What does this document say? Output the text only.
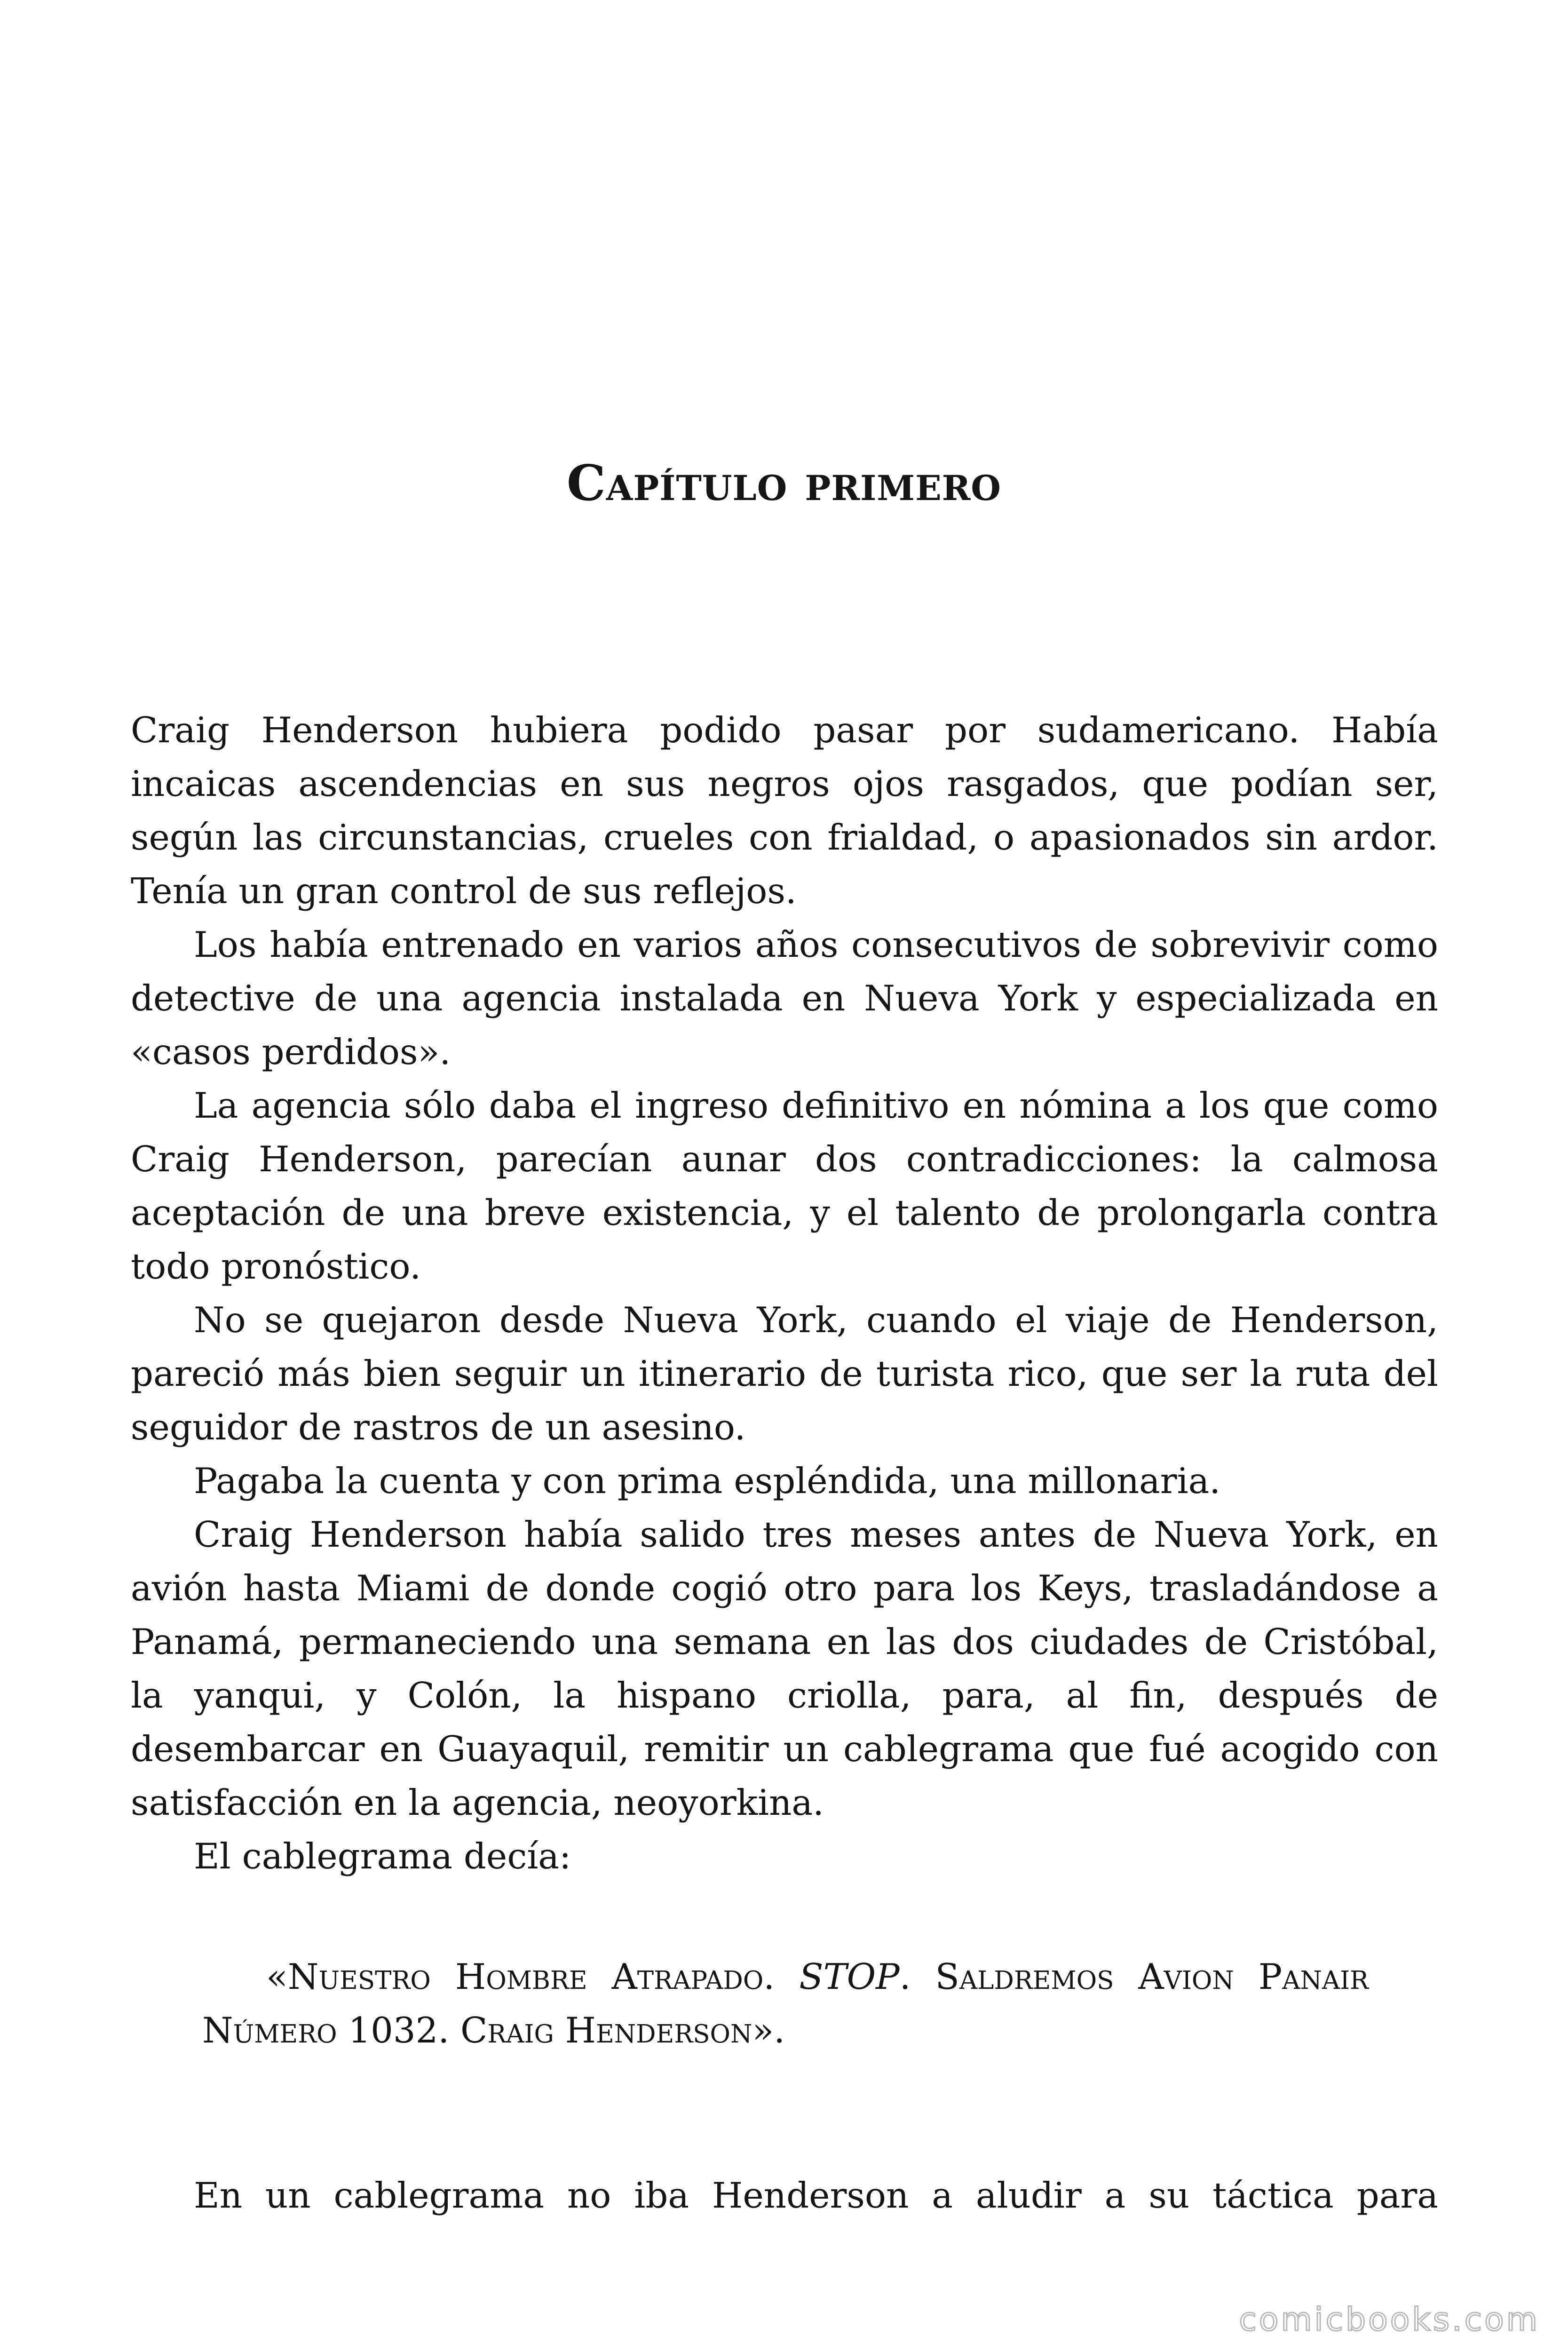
Capítulo primero

Craig Henderson hubiera podido pasar por sudamericano. Había incaicas ascendencias en sus negros ojos rasgados, que podían ser, según las circunstancias, crueles con frialdad, o apasionados sin ardor. Tenía un gran control de sus reflejos.

Los había entrenado en varios años consecutivos de sobrevivir como detective de una agencia instalada en Nueva York y especializada en «casos perdidos».

La agencia sólo daba el ingreso definitivo en nómina a los que como Craig Henderson, parecían aunar dos contradicciones: la calmosa aceptación de una breve existencia, y el talento de prolongarla contra todo pronóstico.

No se quejaron desde Nueva York, cuando el viaje de Henderson, pareció más bien seguir un itinerario de turista rico, que ser la ruta del seguidor de rastros de un asesino.

Pagaba la cuenta y con prima espléndida, una millonaria.

Craig Henderson había salido tres meses antes de Nueva York, en avión hasta Miami de donde cogió otro para los Keys, trasladándose a Panamá, permaneciendo una semana en las dos ciudades de Cristóbal, la yanqui, y Colón, la hispano criolla, para, al fin, después de desembarcar en Guayaquil, remitir un cablegrama que fué acogido con satisfacción en la agencia, neoyorkina.

El cablegrama decía:

«Nuestro Hombre Atrapado. STOP. Saldremos Avion Panair Número 1032. Craig Henderson».

En un cablegrama no iba Henderson a aludir a su táctica para

comicbooks.com
